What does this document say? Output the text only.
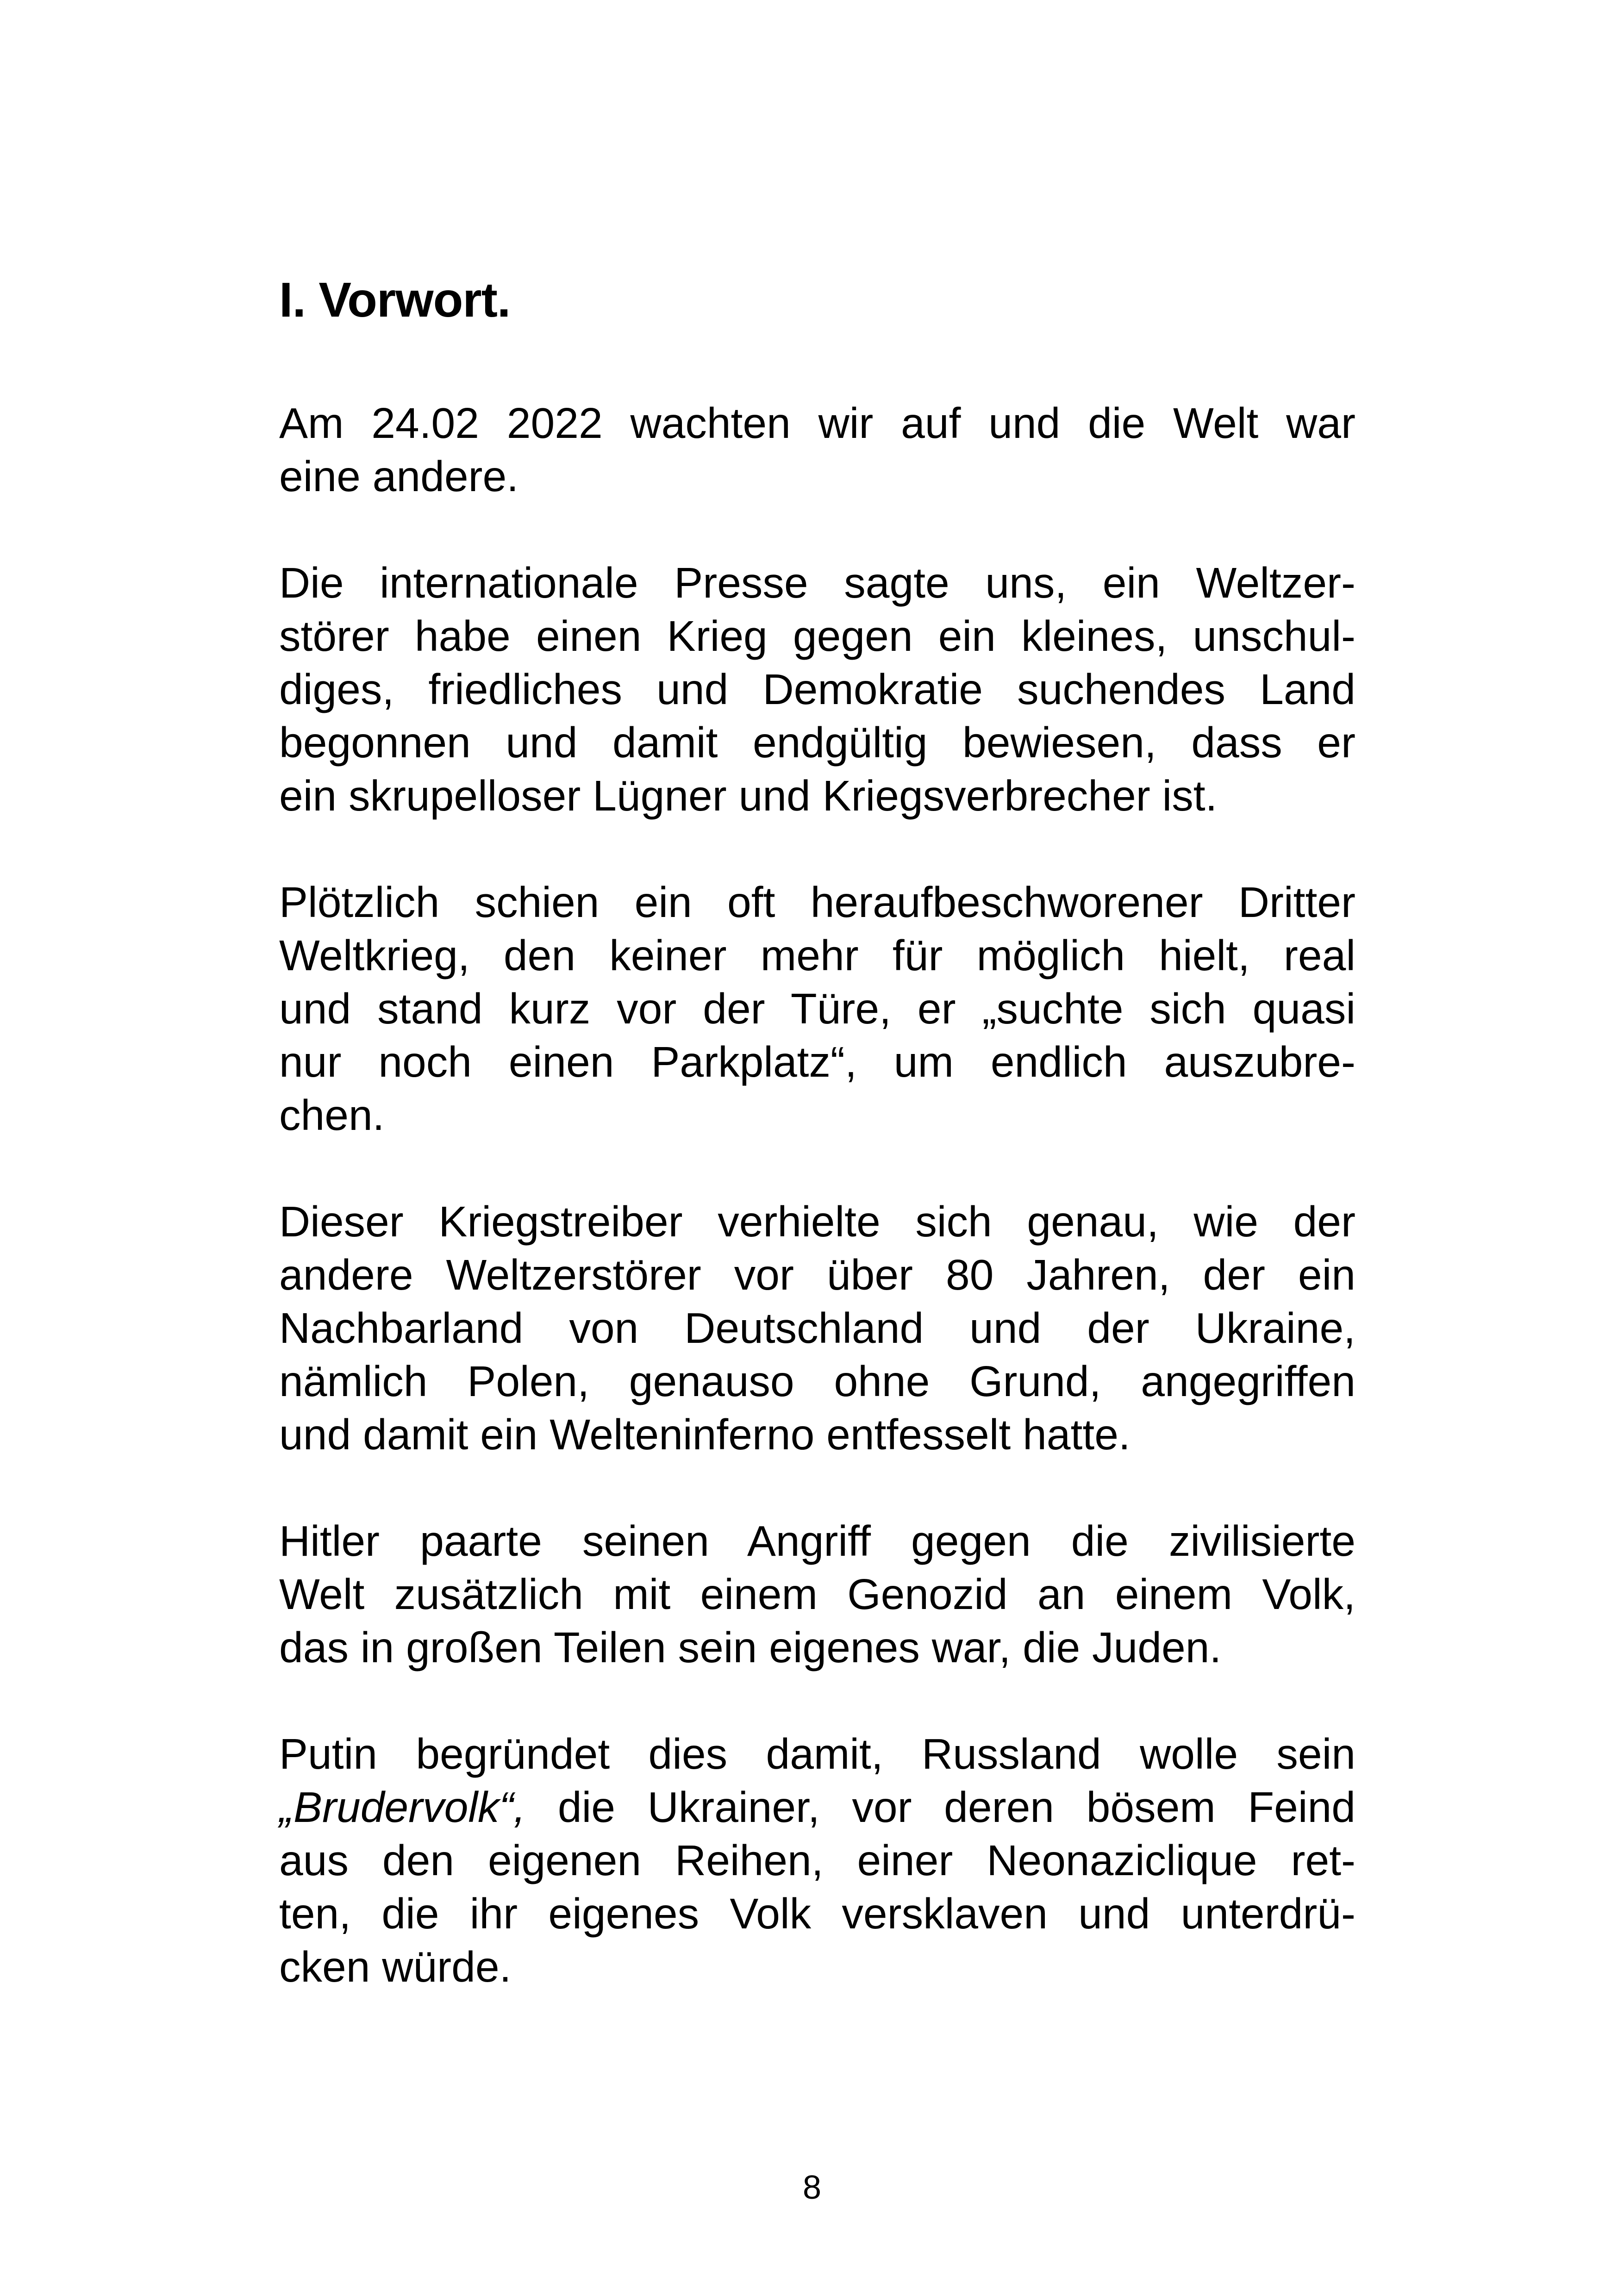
I. Vorwort.
Am 24.02 2022 wachten wir auf und die Welt war
eine andere.
Die internationale Presse sagte uns, ein Weltzer-
störer habe einen Krieg gegen ein kleines, unschul-
diges, friedliches und Demokratie suchendes Land
begonnen und damit endgültig bewiesen, dass er
ein skrupelloser Lügner und Kriegsverbrecher ist.
Plötzlich schien ein oft heraufbeschworener Dritter
Weltkrieg, den keiner mehr für möglich hielt, real
und stand kurz vor der Türe, er „suchte sich quasi
nur noch einen Parkplatz“, um endlich auszubre-
chen.
Dieser Kriegstreiber verhielte sich genau, wie der
andere Weltzerstörer vor über 80 Jahren, der ein
Nachbarland von Deutschland und der Ukraine,
nämlich Polen, genauso ohne Grund, angegriffen
und damit ein Welteninferno entfesselt hatte.
Hitler paarte seinen Angriff gegen die zivilisierte
Welt zusätzlich mit einem Genozid an einem Volk,
das in großen Teilen sein eigenes war, die Juden.
Putin begründet dies damit, Russland wolle sein
„Brudervolk“, die Ukrainer, vor deren bösem Feind
aus den eigenen Reihen, einer Neonaziclique ret-
ten, die ihr eigenes Volk versklaven und unterdrü-
cken würde.
8
